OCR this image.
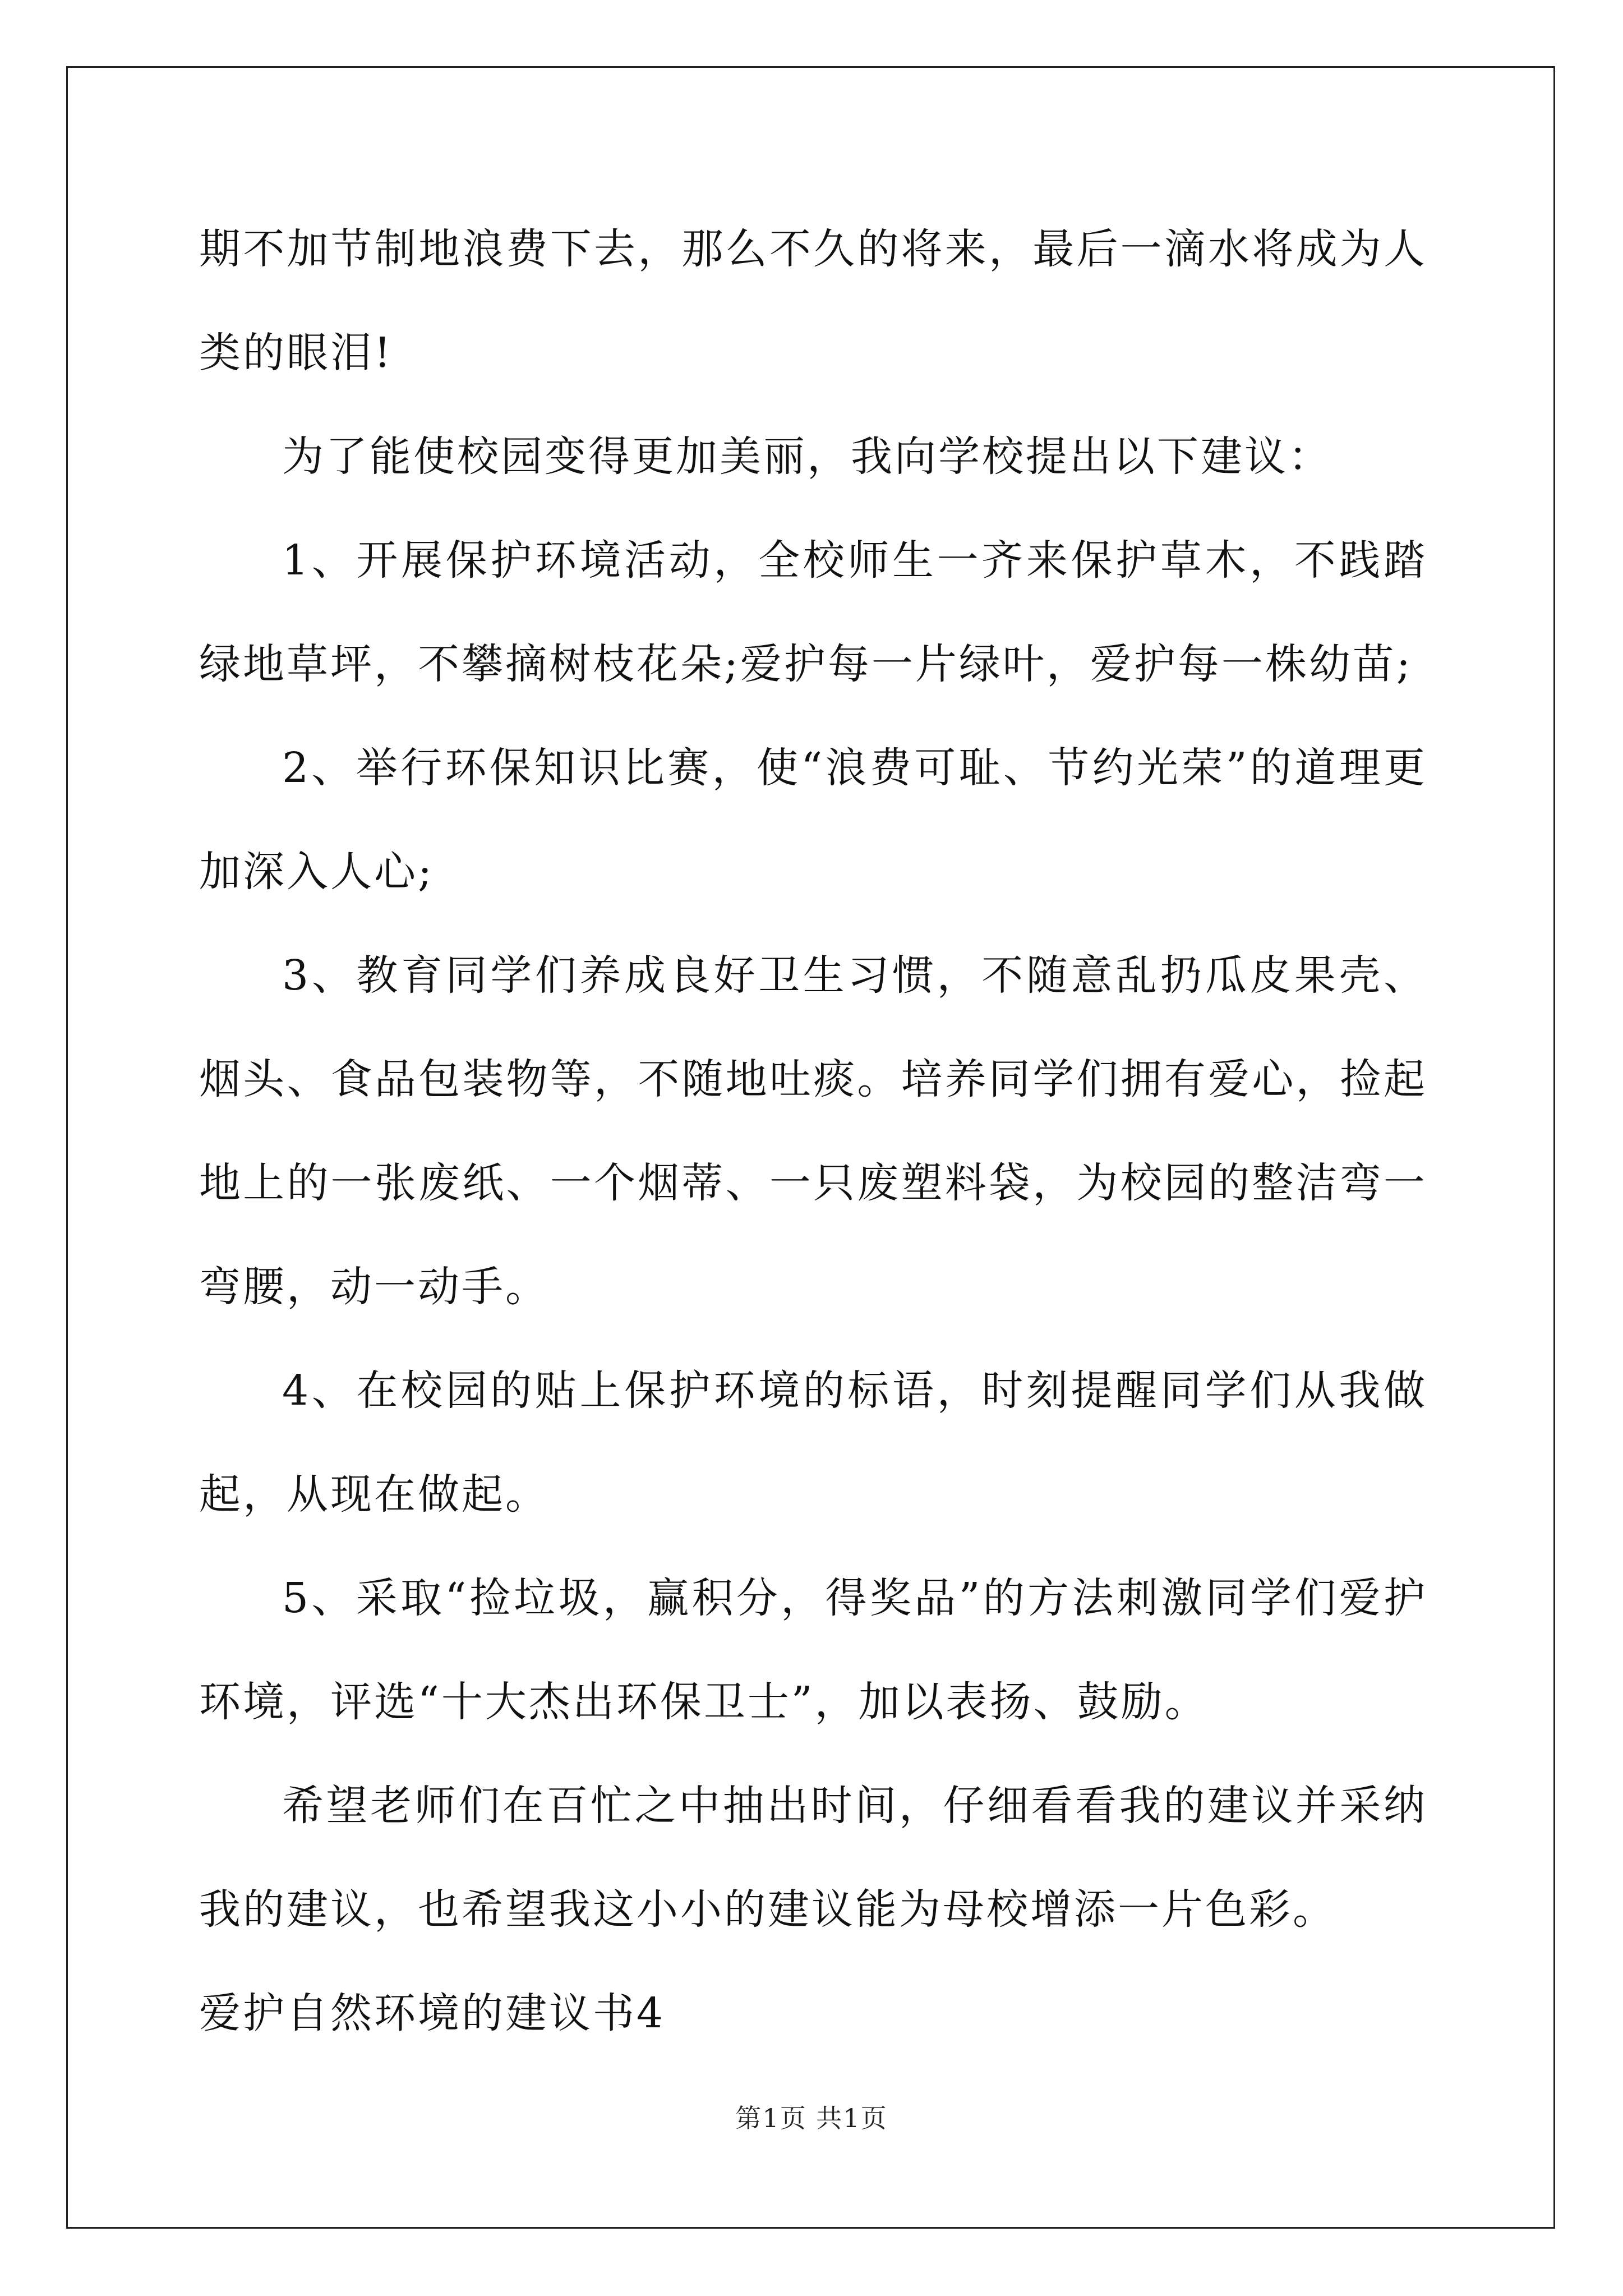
期不加节制地浪费下去，那么不久的将来，最后一滴水将成为人类的眼泪!

为了能使校园变得更加美丽，我向学校提出以下建议：

1、开展保护环境活动，全校师生一齐来保护草木，不践踏绿地草坪，不攀摘树枝花朵;爱护每一片绿叶，爱护每一株幼苗;

2、举行环保知识比赛，使“浪费可耻、节约光荣”的道理更加深入人心;

3、教育同学们养成良好卫生习惯，不随意乱扔瓜皮果壳、烟头、食品包装物等，不随地吐痰。培养同学们拥有爱心，捡起地上的一张废纸、一个烟蒂、一只废塑料袋，为校园的整洁弯一弯腰，动一动手。

4、在校园的贴上保护环境的标语，时刻提醒同学们从我做起，从现在做起。

5、采取“捡垃圾，赢积分，得奖品”的方法刺激同学们爱护环境，评选“十大杰出环保卫士”，加以表扬、鼓励。

希望老师们在百忙之中抽出时间，仔细看看我的建议并采纳我的建议，也希望我这小小的建议能为母校增添一片色彩。

爱护自然环境的建议书4

第1页 共1页
